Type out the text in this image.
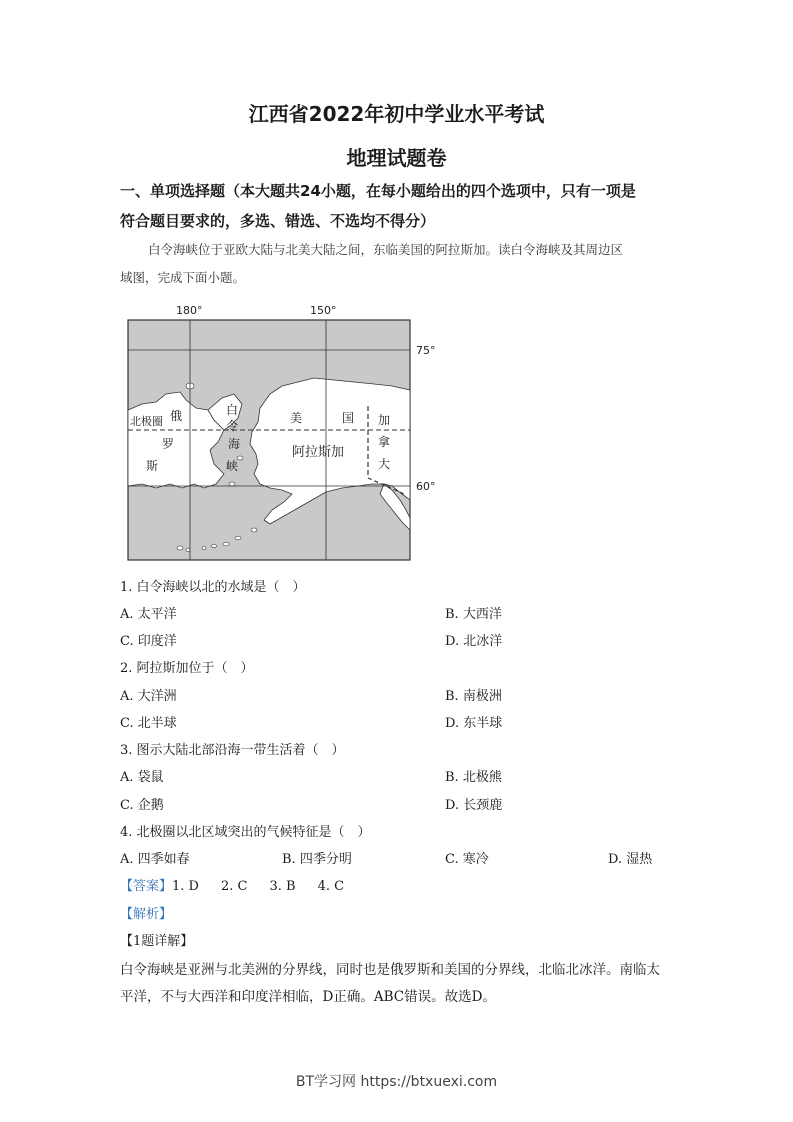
江西省2022年初中学业水平考试
地理试题卷
一、单项选择题（本大题共24小题，在每小题给出的四个选项中，只有一项是
符合题目要求的，多选、错选、不选均不得分）
白令海峡位于亚欧大陆与北美大陆之间，东临美国的阿拉斯加。读白令海峡及其周边区
域图，完成下面小题。
180°	150°
75°
60°
北极圈 俄
罗
斯
白
令
海
峡
美	国
阿拉斯加
加
拿
大
1. 白令海峡以北的水域是（　）
A. 太平洋	B. 大西洋
C. 印度洋	D. 北冰洋
2. 阿拉斯加位于（　）
A. 大洋洲	B. 南极洲
C. 北半球	D. 东半球
3. 图示大陆北部沿海一带生活着（　）
A. 袋鼠	B. 北极熊
C. 企鹅	D. 长颈鹿
4. 北极圈以北区域突出的气候特征是（　）
A. 四季如春	B. 四季分明	C. 寒冷	D. 湿热
【答案】1. D 2. C 3. B 4. C
【解析】
【1题详解】
白令海峡是亚洲与北美洲的分界线，同时也是俄罗斯和美国的分界线，北临北冰洋。南临太
平洋，不与大西洋和印度洋相临，D正确。ABC错误。故选D。
BT学习网 https://btxuexi.com
